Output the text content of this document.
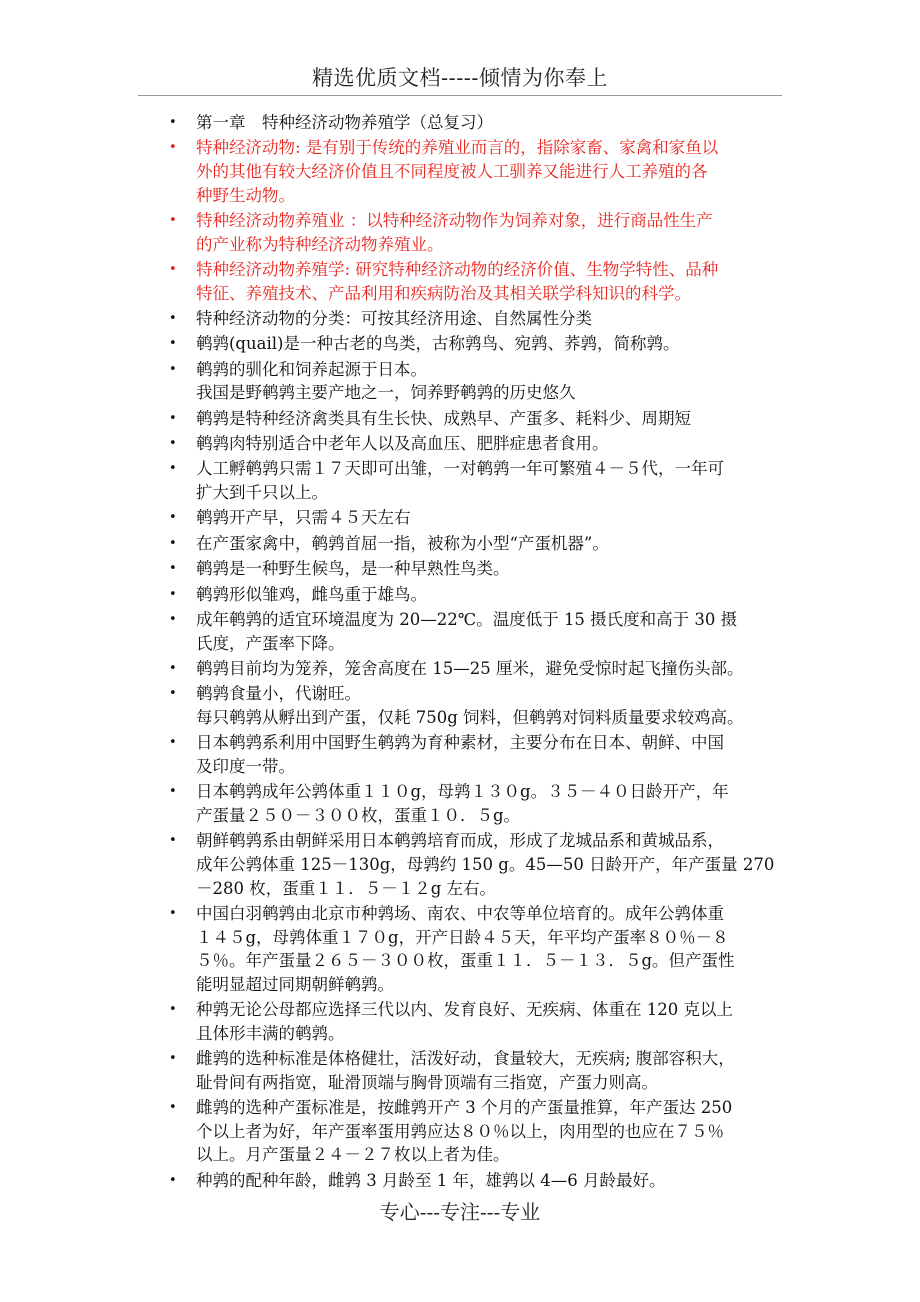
精选优质文档-----倾情为你奉上
• 第一章　特种经济动物养殖学（总复习）
• 特种经济动物: 是有别于传统的养殖业而言的，指除家畜、家禽和家鱼以
外的其他有较大经济价值且不同程度被人工驯养又能进行人工养殖的各
种野生动物。
• 特种经济动物养殖业 ：以特种经济动物作为饲养对象，进行商品性生产
的产业称为特种经济动物养殖业。
• 特种经济动物养殖学: 研究特种经济动物的经济价值、生物学特性、品种
特征、养殖技术、产品利用和疾病防治及其相关联学科知识的科学。
• 特种经济动物的分类：可按其经济用途、自然属性分类
• 鹌鹑(quail)是一种古老的鸟类，古称鹑鸟、宛鹑、荞鹑，简称鹑。
• 鹌鹑的驯化和饲养起源于日本。
我国是野鹌鹑主要产地之一，饲养野鹌鹑的历史悠久
• 鹌鹑是特种经济禽类具有生长快、成熟早、产蛋多、耗料少、周期短
• 鹌鹑肉特别适合中老年人以及高血压、肥胖症患者食用。
• 人工孵鹌鹑只需１７天即可出雏，一对鹌鹑一年可繁殖４－５代，一年可
扩大到千只以上。
• 鹌鹑开产早，只需４５天左右
• 在产蛋家禽中，鹌鹑首屈一指，被称为小型“产蛋机器”。
• 鹌鹑是一种野生候鸟，是一种早熟性鸟类。
• 鹌鹑形似雏鸡，雌鸟重于雄鸟。
• 成年鹌鹑的适宜环境温度为 20—22℃。温度低于 15 摄氏度和高于 30 摄
氏度，产蛋率下降。
• 鹌鹑目前均为笼养，笼舍高度在 15—25 厘米，避免受惊时起飞撞伤头部。
• 鹌鹑食量小，代谢旺。
每只鹌鹑从孵出到产蛋，仅耗 750g 饲料，但鹌鹑对饲料质量要求较鸡高。
• 日本鹌鹑系利用中国野生鹌鹑为育种素材，主要分布在日本、朝鲜、中国
及印度一带。
• 日本鹌鹑成年公鹑体重１１０g，母鹑１３０g。３５－４０日龄开产，年
产蛋量２５０－３００枚，蛋重１０．５g。
• 朝鲜鹌鹑系由朝鲜采用日本鹌鹑培育而成，形成了龙城品系和黄城品系，
成年公鹑体重 125－130g，母鹑约 150 g。45—50 日龄开产，年产蛋量 270
－280 枚，蛋重１１．５－１２g 左右。
• 中国白羽鹌鹑由北京市种鹑场、南农、中农等单位培育的。成年公鹑体重
１４５g，母鹑体重１７０g，开产日龄４５天，年平均产蛋率８０％－８
５％。年产蛋量２６５－３００枚，蛋重１１．５－１３．５g。但产蛋性
能明显超过同期朝鲜鹌鹑。
• 种鹑无论公母都应选择三代以内、发育良好、无疾病、体重在 120 克以上
且体形丰满的鹌鹑。
• 雌鹑的选种标准是体格健壮，活泼好动，食量较大，无疾病; 腹部容积大，
耻骨间有两指宽，耻滑顶端与胸骨顶端有三指宽，产蛋力则高。
• 雌鹑的选种产蛋标准是，按雌鹑开产 3 个月的产蛋量推算，年产蛋达 250
个以上者为好，年产蛋率蛋用鹑应达８０％以上，肉用型的也应在７５％
以上。月产蛋量２４－２７枚以上者为佳。
• 种鹑的配种年龄，雌鹑 3 月龄至 1 年，雄鹑以 4—6 月龄最好。
专心---专注---专业
